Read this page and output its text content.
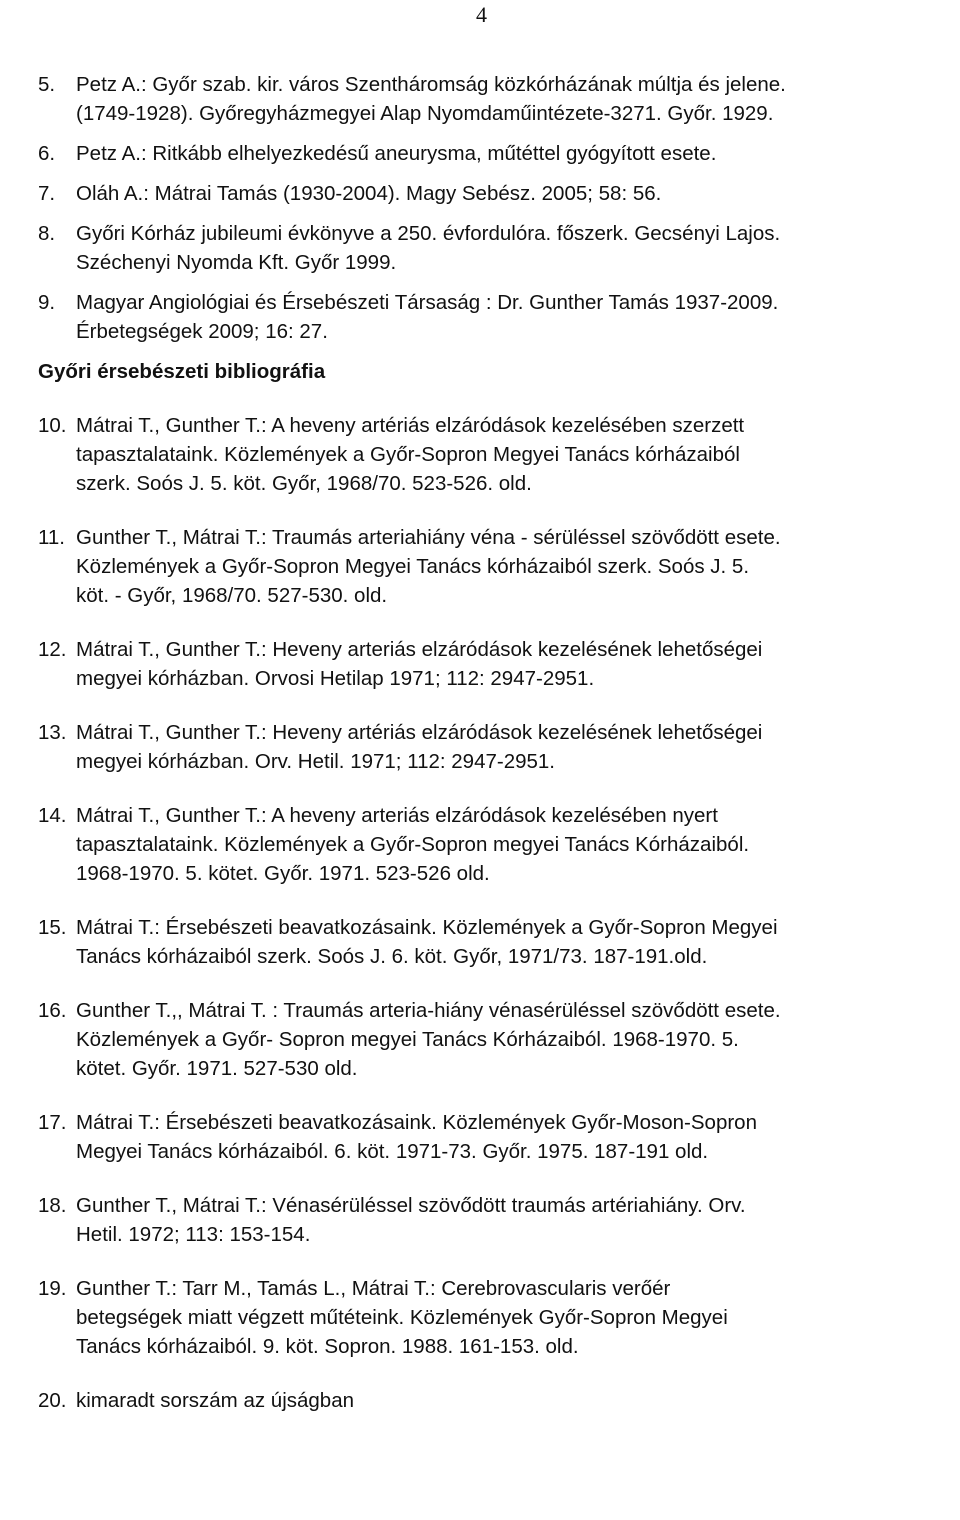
4
5.	Petz A.: Győr szab. kir. város Szentháromság közkórházának múltja és jelene.
(1749-1928). Győregyházmegyei Alap Nyomdaműintézete-3271. Győr. 1929.
6.	Petz A.: Ritkább elhelyezkedésű aneurysma, műtéttel gyógyított esete.
7.	Oláh A.: Mátrai Tamás (1930-2004). Magy Sebész. 2005; 58: 56.
8.	Győri Kórház jubileumi évkönyve a 250. évfordulóra. főszerk. Gecsényi Lajos.
Széchenyi Nyomda Kft. Győr 1999.
9.	Magyar Angiológiai és Érsebészeti Társaság : Dr. Gunther Tamás 1937-2009.
Érbetegségek 2009; 16: 27.
Győri érsebészeti bibliográfia
10. Mátrai T., Gunther T.: A heveny artériás elzáródások kezelésében szerzett
tapasztalataink. Közlemények a Győr-Sopron Megyei Tanács kórházaiból
szerk. Soós J. 5. köt. Győr, 1968/70. 523-526. old.
11. Gunther T., Mátrai T.: Traumás arteriahiány véna - sérüléssel szövődött esete.
Közlemények a Győr-Sopron Megyei Tanács kórházaiból szerk. Soós J. 5.
köt. - Győr, 1968/70. 527-530. old.
12. Mátrai T., Gunther T.: Heveny arteriás elzáródások kezelésének lehetőségei
megyei kórházban. Orvosi Hetilap 1971; 112: 2947-2951.
13. Mátrai T., Gunther T.: Heveny artériás elzáródások kezelésének lehetőségei
megyei kórházban. Orv. Hetil. 1971; 112: 2947-2951.
14. Mátrai T., Gunther T.: A heveny arteriás elzáródások kezelésében nyert
tapasztalataink. Közlemények a Győr-Sopron megyei Tanács Kórházaiból.
1968-1970. 5. kötet. Győr. 1971. 523-526 old.
15. Mátrai T.: Érsebészeti beavatkozásaink. Közlemények a Győr-Sopron Megyei
Tanács kórházaiból szerk. Soós J. 6. köt. Győr, 1971/73. 187-191.old.
16. Gunther T.,, Mátrai T. : Traumás arteria-hiány vénasérüléssel szövődött esete.
Közlemények a Győr- Sopron megyei Tanács Kórházaiból. 1968-1970. 5.
kötet. Győr. 1971. 527-530 old.
17. Mátrai T.: Érsebészeti beavatkozásaink. Közlemények Győr-Moson-Sopron
Megyei Tanács kórházaiból. 6. köt. 1971-73. Győr. 1975. 187-191 old.
18. Gunther T., Mátrai T.: Vénasérüléssel szövődött traumás artériahiány. Orv.
Hetil. 1972; 113: 153-154.
19. Gunther T.: Tarr M., Tamás L., Mátrai T.: Cerebrovascularis verőér
betegségek miatt végzett műtéteink. Közlemények Győr-Sopron Megyei
Tanács kórházaiból. 9. köt. Sopron. 1988. 161-153. old.
20. kimaradt sorszám az újságban
